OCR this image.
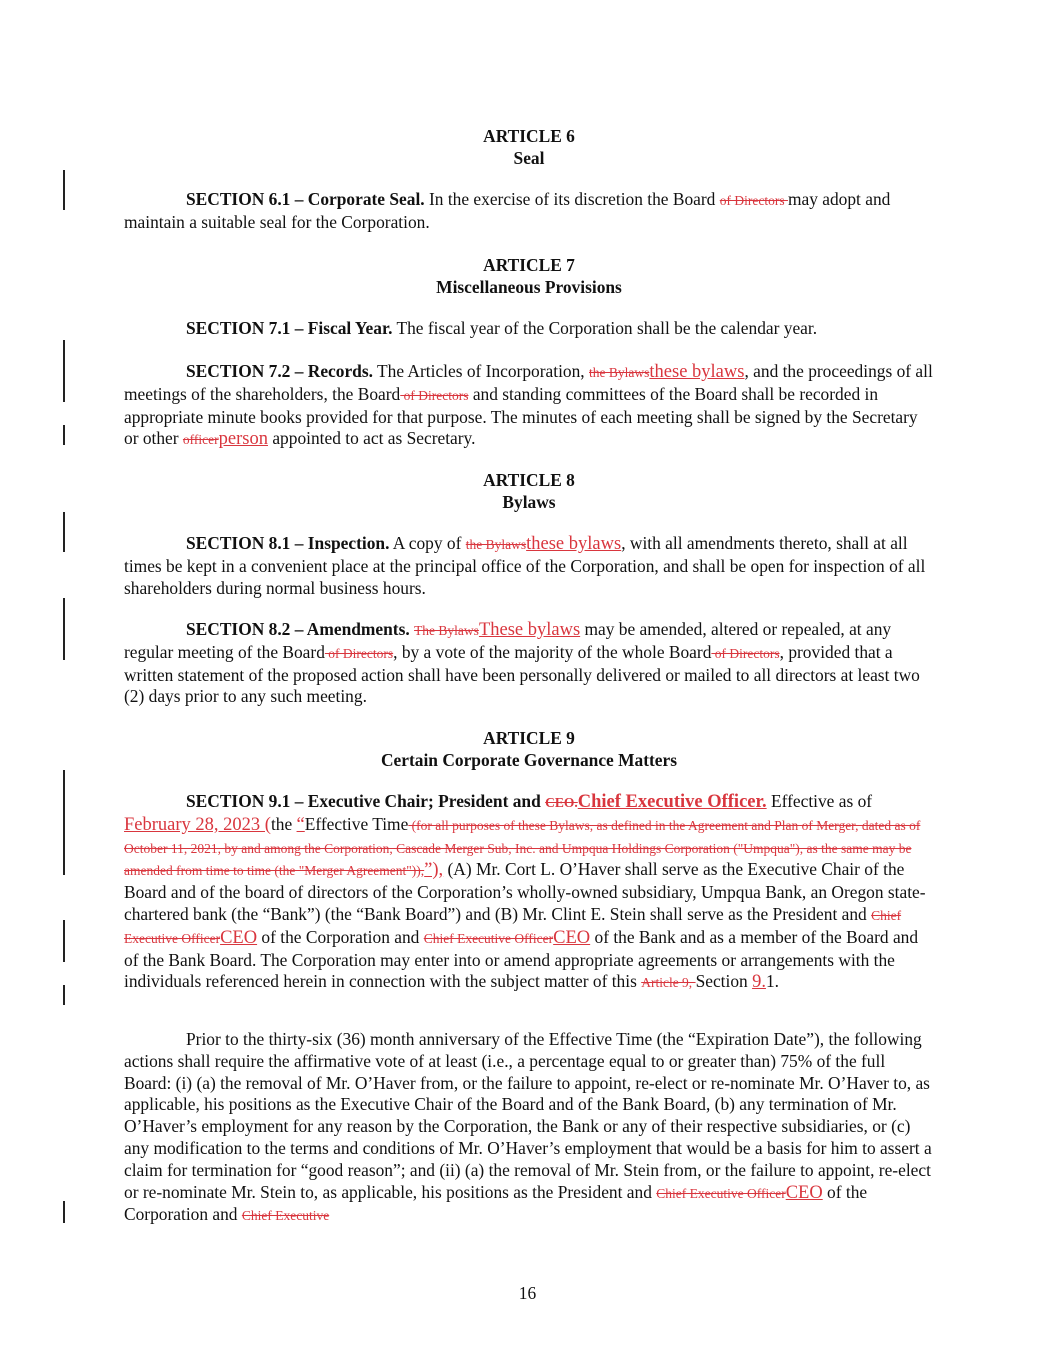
ARTICLE 6
Seal
SECTION 6.1 – Corporate Seal. In the exercise of its discretion the Board of Directors may adopt and maintain a suitable seal for the Corporation.
ARTICLE 7
Miscellaneous Provisions
SECTION 7.1 – Fiscal Year. The fiscal year of the Corporation shall be the calendar year.
SECTION 7.2 – Records. The Articles of Incorporation, the Bylawsthese bylaws, and the proceedings of all meetings of the shareholders, the Board of Directors and standing committees of the Board shall be recorded in appropriate minute books provided for that purpose. The minutes of each meeting shall be signed by the Secretary or other officerperson appointed to act as Secretary.
ARTICLE 8
Bylaws
SECTION 8.1 – Inspection. A copy of the Bylawsthese bylaws, with all amendments thereto, shall at all times be kept in a convenient place at the principal office of the Corporation, and shall be open for inspection of all shareholders during normal business hours.
SECTION 8.2 – Amendments. The BylawsThese bylaws may be amended, altered or repealed, at any regular meeting of the Board of Directors, by a vote of the majority of the whole Board of Directors, provided that a written statement of the proposed action shall have been personally delivered or mailed to all directors at least two (2) days prior to any such meeting.
ARTICLE 9
Certain Corporate Governance Matters
SECTION 9.1 – Executive Chair; President and CEO.Chief Executive Officer. Effective as of February 28, 2023 (the “Effective Time (for all purposes of these Bylaws, as defined in the Agreement and Plan of Merger, dated as of October 11, 2021, by and among the Corporation, Cascade Merger Sub, Inc. and Umpqua Holdings Corporation ("Umpqua"), as the same may be amended from time to time (the "Merger Agreement")),”), (A) Mr. Cort L. O’Haver shall serve as the Executive Chair of the Board and of the board of directors of the Corporation’s wholly-owned subsidiary, Umpqua Bank, an Oregon state-chartered bank (the “Bank”) (the “Bank Board”) and (B) Mr. Clint E. Stein shall serve as the President and Chief Executive OfficerCEO of the Corporation and Chief Executive OfficerCEO of the Bank and as a member of the Board and of the Bank Board. The Corporation may enter into or amend appropriate agreements or arrangements with the individuals referenced herein in connection with the subject matter of this Article 9, Section 9.1.
Prior to the thirty-six (36) month anniversary of the Effective Time (the “Expiration Date”), the following actions shall require the affirmative vote of at least (i.e., a percentage equal to or greater than) 75% of the full Board: (i) (a) the removal of Mr. O’Haver from, or the failure to appoint, re-elect or re-nominate Mr. O’Haver to, as applicable, his positions as the Executive Chair of the Board and of the Bank Board, (b) any termination of Mr. O’Haver’s employment for any reason by the Corporation, the Bank or any of their respective subsidiaries, or (c) any modification to the terms and conditions of Mr. O’Haver’s employment that would be a basis for him to assert a claim for termination for “good reason”; and (ii) (a) the removal of Mr. Stein from, or the failure to appoint, re-elect or re-nominate Mr. Stein to, as applicable, his positions as the President and Chief Executive OfficerCEO of the Corporation and Chief Executive
16
